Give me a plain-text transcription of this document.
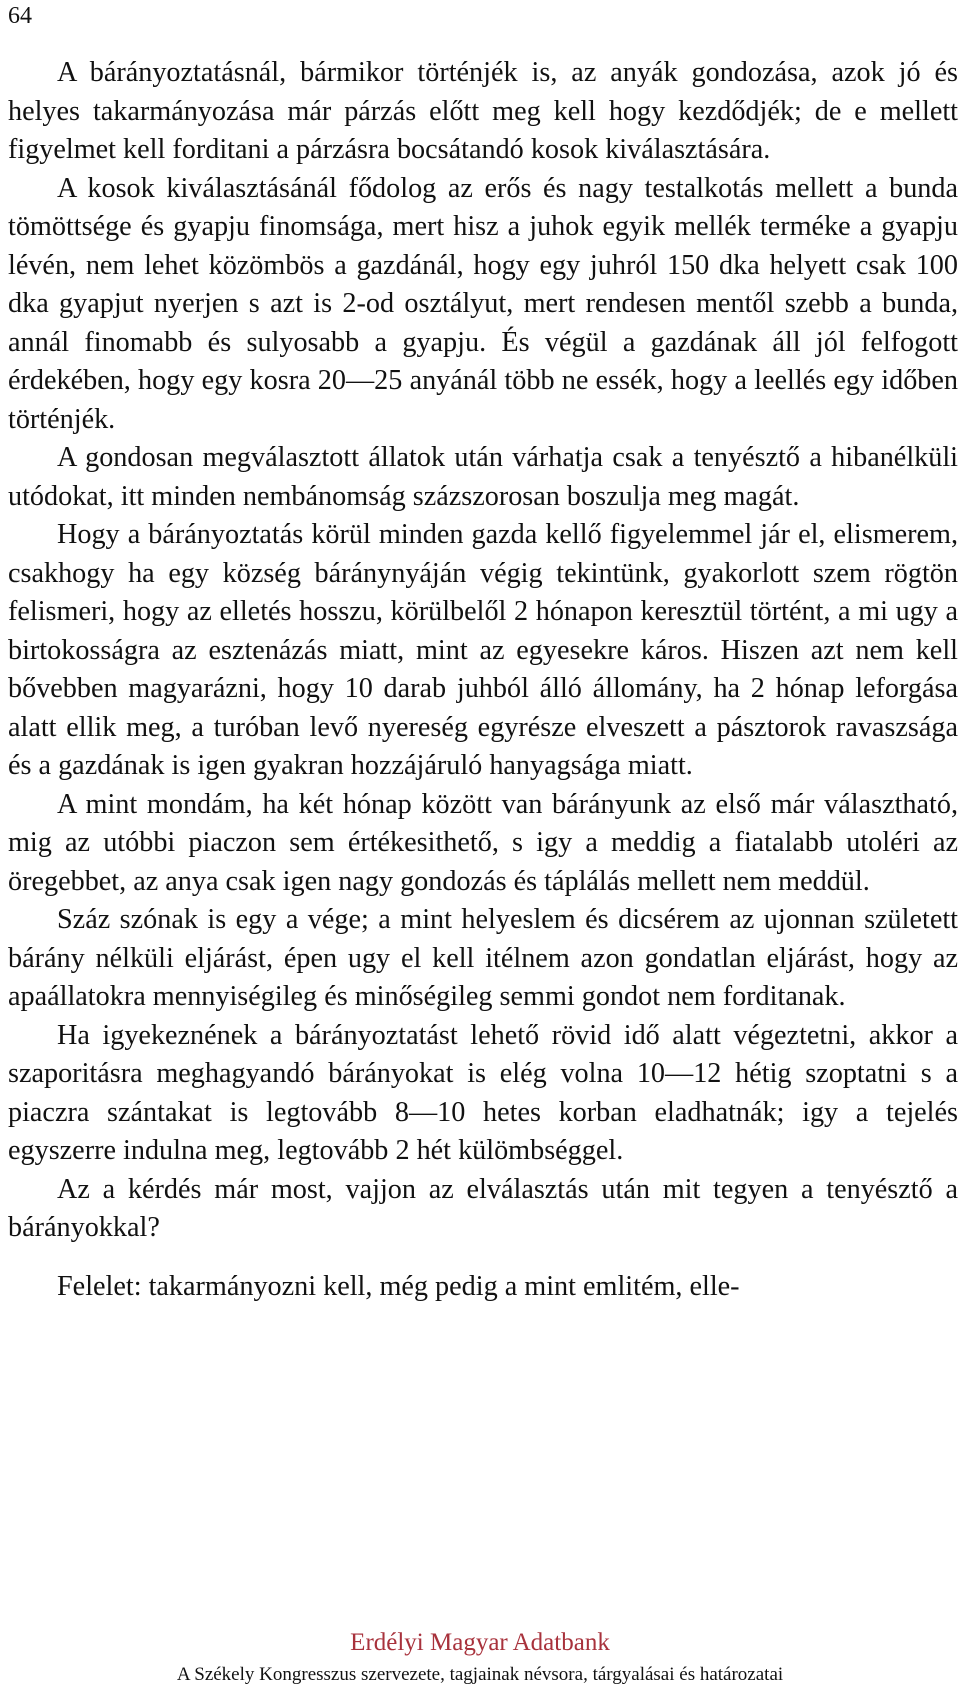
64

A bárányoztatásnál, bármikor történjék is, az anyák gondozása, azok jó és helyes takarmányozása már párzás előtt meg kell hogy kezdődjék; de e mellett figyelmet kell forditani a párzásra bocsátandó kosok kiválasztására.

A kosok kiválasztásánál fődolog az erős és nagy testalkotás mellett a bunda tömöttsége és gyapju finomsága, mert hisz a juhok egyik mellék terméke a gyapju lévén, nem lehet közömbös a gazdánál, hogy egy juhról 150 dka helyett csak 100 dka gyapjut nyerjen s azt is 2-od osztályut, mert rendesen mentől szebb a bunda, annál finomabb és sulyosabb a gyapju. És végül a gazdának áll jól felfogott érdekében, hogy egy kosra 20—25 anyánál több ne essék, hogy a leellés egy időben történjék.

A gondosan megválasztott állatok után várhatja csak a tenyésztő a hibanélküli utódokat, itt minden nembánomság százszorosan boszulja meg magát.

Hogy a bárányoztatás körül minden gazda kellő figyelemmel jár el, elismerem, csakhogy ha egy község báránynyáján végig tekintünk, gyakorlott szem rögtön felismeri, hogy az elletés hosszu, körülbelől 2 hónapon keresztül történt, a mi ugy a birtokosságra az esztenázás miatt, mint az egyesekre káros. Hiszen azt nem kell bővebben magyarázni, hogy 10 darab juhból álló állomány, ha 2 hónap leforgása alatt ellik meg, a turóban levő nyereség egyrésze elveszett a pásztorok ravaszsága és a gazdának is igen gyakran hozzájáruló hanyagsága miatt.

A mint mondám, ha két hónap között van bárányunk az első már választható, mig az utóbbi piaczon sem értékesithető, s igy a meddig a fiatalabb utoléri az öregebbet, az anya csak igen nagy gondozás és táplálás mellett nem meddül.

Száz szónak is egy a vége; a mint helyeslem és dicsérem az ujonnan született bárány nélküli eljárást, épen ugy el kell itélnem azon gondatlan eljárást, hogy az apaállatokra mennyiségileg és minőségileg semmi gondot nem forditanak.

Ha igyekeznének a bárányoztatást lehető rövid idő alatt végeztetni, akkor a szaporitásra meghagyandó bárányokat is elég volna 10—12 hétig szoptatni s a piaczra szántakat is legtovább 8—10 hetes korban eladhatnák; igy a tejelés egyszerre indulna meg, legtovább 2 hét külömbséggel.

Az a kérdés már most, vajjon az elválasztás után mit tegyen a tenyésztő a bárányokkal?

Felelet: takarmányozni kell, még pedig a mint emlitém, elle-

Erdélyi Magyar Adatbank
A Székely Kongresszus szervezete, tagjainak névsora, tárgyalásai és határozatai
